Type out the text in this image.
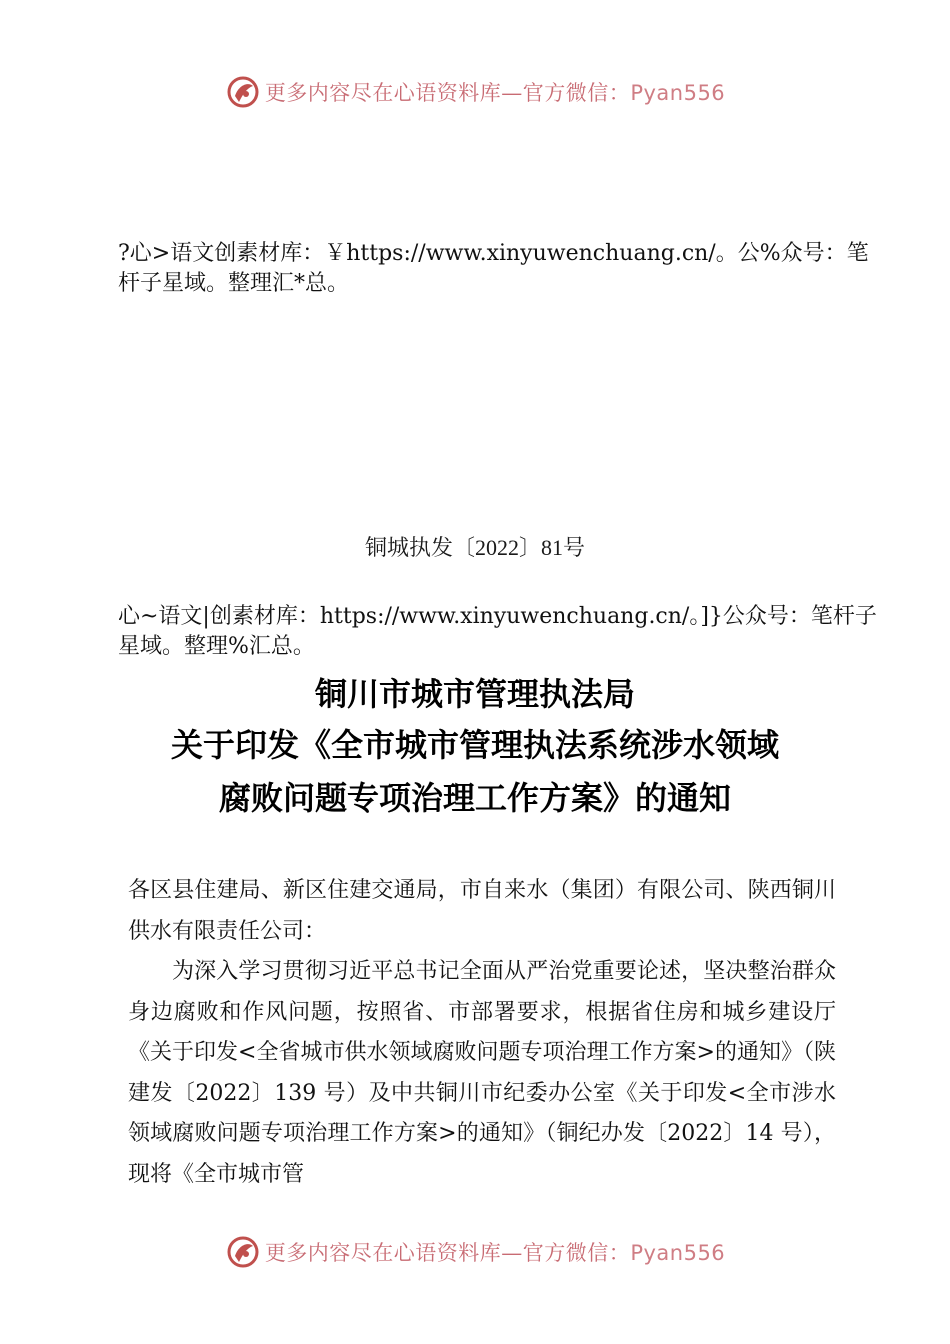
更多内容尽在心语资料库—官方微信：Pyan556
?心>语文创素材库：￥https://www.xinyuwenchuang.cn/。公%众号：笔杆子星域。整理汇*总。
铜城执发〔2022〕81号
心~语文|创素材库：https://www.xinyuwenchuang.cn/。]}公众号：笔杆子星域。整理%汇总。
铜川市城市管理执法局
关于印发《全市城市管理执法系统涉水领域
腐败问题专项治理工作方案》的通知

各区县住建局、新区住建交通局，市自来水（集团）有限公司、陕西铜川供水有限责任公司：

为深入学习贯彻习近平总书记全面从严治党重要论述，坚决整治群众身边腐败和作风问题，按照省、市部署要求，根据省住房和城乡建设厅《关于印发<全省城市供水领域腐败问题专项治理工作方案>的通知》（陕建发〔2022〕139 号）及中共铜川市纪委办公室《关于印发<全市涉水领域腐败问题专项治理工作方案>的通知》（铜纪办发〔2022〕14 号），现将《全市城市管

更多内容尽在心语资料库—官方微信：Pyan556
